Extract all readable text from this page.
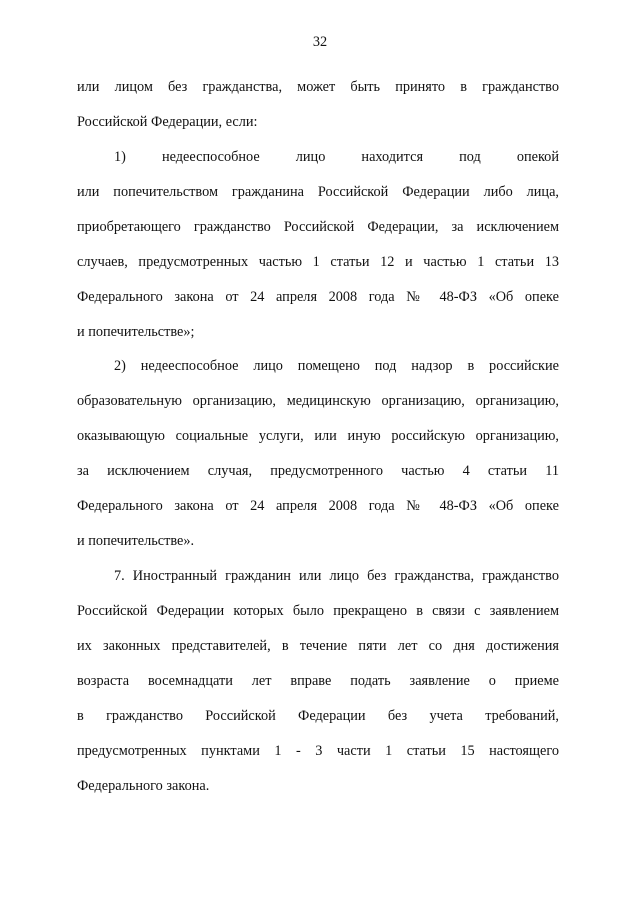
32
или лицом без гражданства, может быть принято в гражданство
Российской Федерации, если:
1) недееспособное лицо находится под опекой
или попечительством гражданина Российской Федерации либо лица,
приобретающего гражданство Российской Федерации, за исключением
случаев, предусмотренных частью 1 статьи 12 и частью 1 статьи 13
Федерального закона от 24 апреля 2008 года № 48-ФЗ «Об опеке
и попечительстве»;
2) недееспособное лицо помещено под надзор в российские
образовательную организацию, медицинскую организацию, организацию,
оказывающую социальные услуги, или иную российскую организацию,
за исключением случая, предусмотренного частью 4 статьи 11
Федерального закона от 24 апреля 2008 года № 48-ФЗ «Об опеке
и попечительстве».
7. Иностранный гражданин или лицо без гражданства, гражданство
Российской Федерации которых было прекращено в связи с заявлением
их законных представителей, в течение пяти лет со дня достижения
возраста восемнадцати лет вправе подать заявление о приеме
в гражданство Российской Федерации без учета требований,
предусмотренных пунктами 1 - 3 части 1 статьи 15 настоящего
Федерального закона.
